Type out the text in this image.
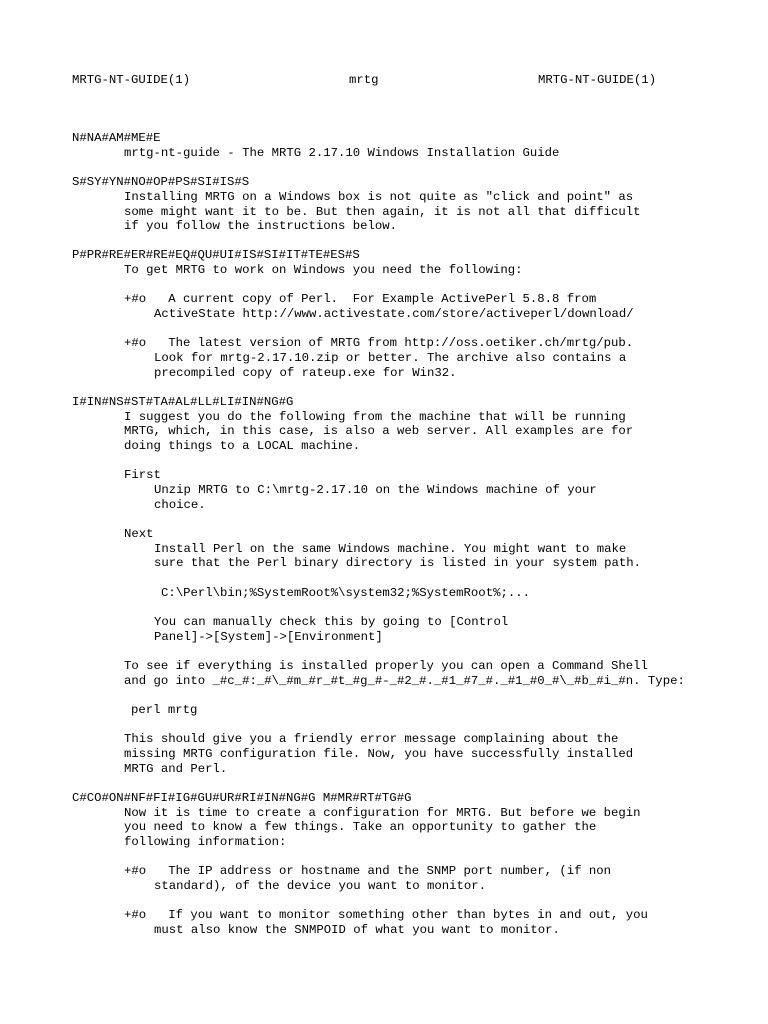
MRTG-NT-GUIDE(1)	mrtg	MRTG-NT-GUIDE(1)
N#NA#AM#ME#E
mrtg-nt-guide - The MRTG 2.17.10 Windows Installation Guide
S#SY#YN#NO#OP#PS#SI#IS#S
Installing MRTG on a Windows box is not quite as "click and point" as
some might want it to be. But then again, it is not all that difficult
if you follow the instructions below.
P#PR#RE#ER#RE#EQ#QU#UI#IS#SI#IT#TE#ES#S
To get MRTG to work on Windows you need the following:
+#o   A current copy of Perl.  For Example ActivePerl 5.8.8 from
ActiveState http://www.activestate.com/store/activeperl/download/
+#o   The latest version of MRTG from http://oss.oetiker.ch/mrtg/pub.
Look for mrtg-2.17.10.zip or better. The archive also contains a
precompiled copy of rateup.exe for Win32.
I#IN#NS#ST#TA#AL#LL#LI#IN#NG#G
I suggest you do the following from the machine that will be running
MRTG, which, in this case, is also a web server. All examples are for
doing things to a LOCAL machine.
First
Unzip MRTG to C:\mrtg-2.17.10 on the Windows machine of your
choice.
Next
Install Perl on the same Windows machine. You might want to make
sure that the Perl binary directory is listed in your system path.
C:\Perl\bin;%SystemRoot%\system32;%SystemRoot%;...
You can manually check this by going to [Control
Panel]->[System]->[Environment]
To see if everything is installed properly you can open a Command Shell
and go into _#c_#:_#\_#m_#r_#t_#g_#-_#2_#._#1_#7_#._#1_#0_#\_#b_#i_#n. Type:
perl mrtg
This should give you a friendly error message complaining about the
missing MRTG configuration file. Now, you have successfully installed
MRTG and Perl.
C#CO#ON#NF#FI#IG#GU#UR#RI#IN#NG#G M#MR#RT#TG#G
Now it is time to create a configuration for MRTG. But before we begin
you need to know a few things. Take an opportunity to gather the
following information:
+#o   The IP address or hostname and the SNMP port number, (if non
standard), of the device you want to monitor.
+#o   If you want to monitor something other than bytes in and out, you
must also know the SNMPOID of what you want to monitor.
